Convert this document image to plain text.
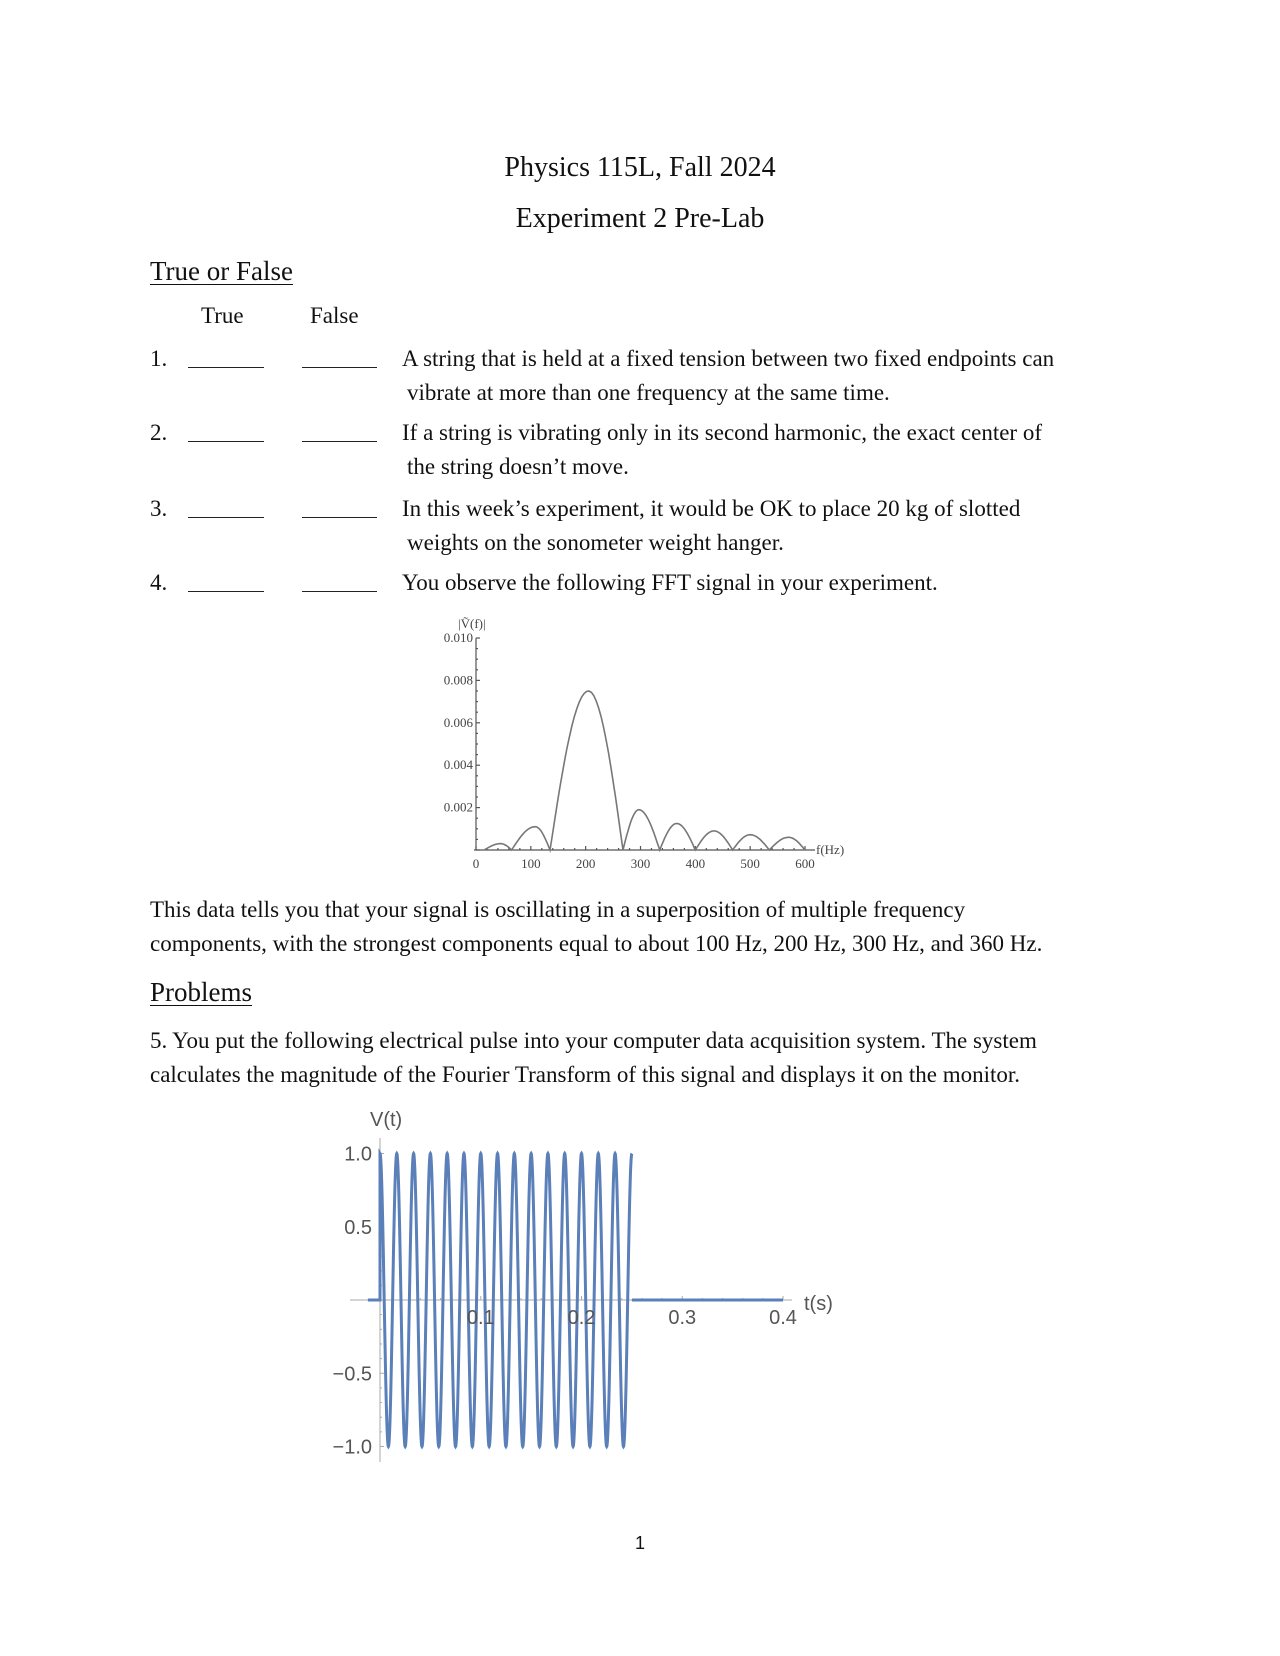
Physics 115L, Fall 2024
Experiment 2 Pre-Lab
True or False
True	False
1.	A string that is held at a fixed tension between two fixed endpoints can
vibrate at more than one frequency at the same time.
2.	If a string is vibrating only in its second harmonic, the exact center of
the string doesn’t move.
3.	In this week’s experiment, it would be OK to place 20 kg of slotted
weights on the sonometer weight hanger.
4.	You observe the following FFT signal in your experiment.
0	100	200	300	400	500	600
0.002
0.004
0.006
0.008
0.010
|Ṽ(f)|
f(Hz)
This data tells you that your signal is oscillating in a superposition of multiple frequency
components, with the strongest components equal to about 100 Hz, 200 Hz, 300 Hz, and 360 Hz.
Problems
5. You put the following electrical pulse into your computer data acquisition system. The system
calculates the magnitude of the Fourier Transform of this signal and displays it on the monitor.
0.1	0.2	0.3	0.4
1.0
0.5
−0.5
−1.0
V(t)
t(s)
1
